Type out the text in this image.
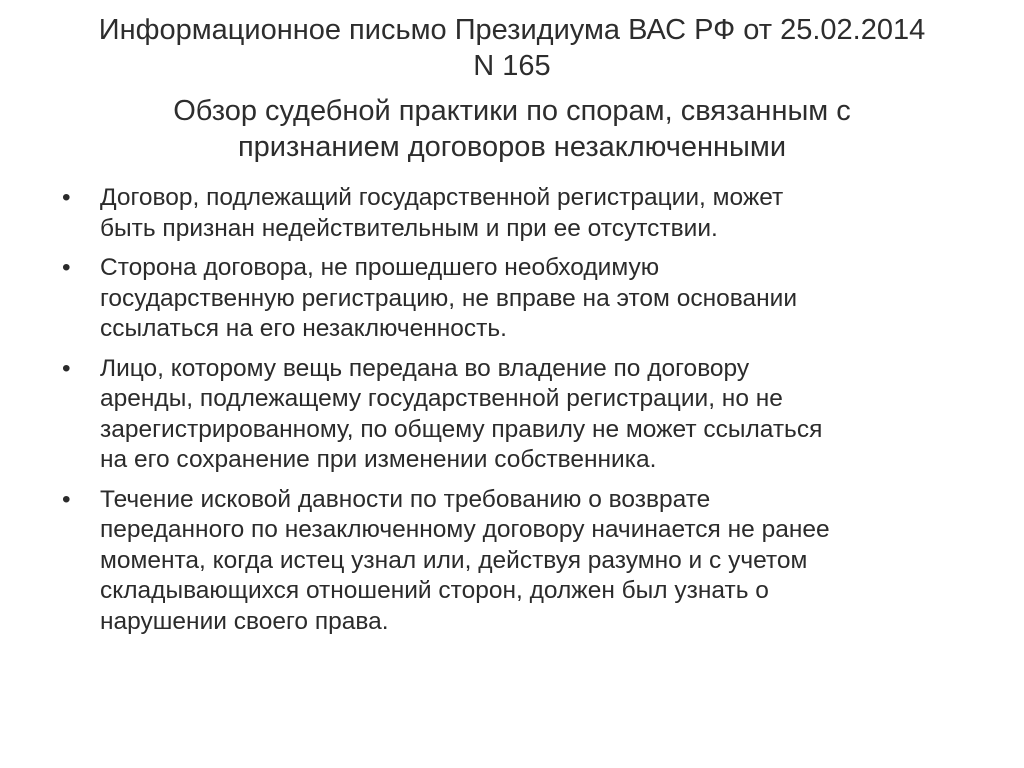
Информационное письмо Президиума ВАС РФ от 25.02.2014
N 165
Обзор судебной практики по спорам, связанным с
признанием договоров незаключенными
•	Договор, подлежащий государственной регистрации, может
быть признан недействительным и при ее отсутствии.
•	Сторона договора, не прошедшего необходимую
государственную регистрацию, не вправе на этом основании
ссылаться на его незаключенность.
•	Лицо, которому вещь передана во владение по договору
аренды, подлежащему государственной регистрации, но не
зарегистрированному, по общему правилу не может ссылаться
на его сохранение при изменении собственника.
•	Течение исковой давности по требованию о возврате
переданного по незаключенному договору начинается не ранее
момента, когда истец узнал или, действуя разумно и с учетом
складывающихся отношений сторон, должен был узнать о
нарушении своего права.
